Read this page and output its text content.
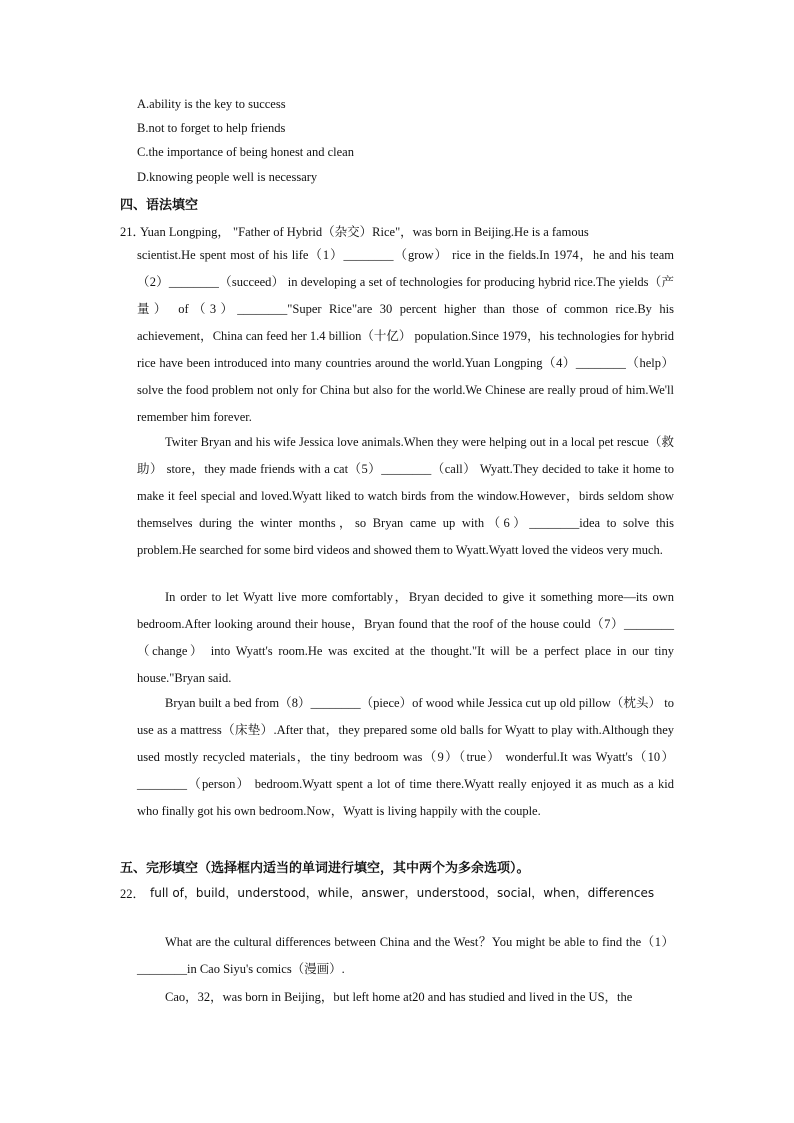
A.ability is the key to success
B.not to forget to help friends
C.the importance of being honest and clean
D.knowing people well is necessary
四、语法填空
21．
Yuan Longping， "Father of Hybrid（杂交）Rice"，was born in Beijing.He is a famous

scientist.He spent most of his life（1）________（grow） rice in the fields.In 1974，he and his team（2）________（succeed） in developing a set of technologies for producing hybrid rice.The yields（产量） of（3）________"Super Rice"are 30 percent higher than those of common rice.By his achievement，China can feed her 1.4 billion（十亿） population.Since 1979，his technologies for hybrid rice have been introduced into many countries around the world.Yuan Longping（4）________（help） solve the food problem not only for China but also for the world.We Chinese are really proud of him.We'll remember him forever.

Twiter Bryan and his wife Jessica love animals.When they were helping out in a local pet rescue（救助） store，they made friends with a cat（5）________（call） Wyatt.They decided to take it home to make it feel special and loved.Wyatt liked to watch birds from the window.However，birds seldom show themselves during the winter months，so Bryan came up with（6）________idea to solve this problem.He searched for some bird videos and showed them to Wyatt.Wyatt loved the videos very much.

In order to let Wyatt live more comfortably，Bryan decided to give it something more—its own bedroom.After looking around their house，Bryan found that the roof of the house could（7）________（change） into Wyatt's room.He was excited at the thought."It will be a perfect place in our tiny house."Bryan said.

Bryan built a bed from（8）________（piece）of wood while Jessica cut up old pillow（枕头） to use as a mattress（床垫）.After that，they prepared some old balls for Wyatt to play with.Although they used mostly recycled materials，the tiny bedroom was（9）（true） wonderful.It was Wyatt's（10）________（person） bedroom.Wyatt spent a lot of time there.Wyatt really enjoyed it as much as a kid who finally got his own bedroom.Now，Wyatt is living happily with the couple.

五、完形填空（选择框内适当的单词进行填空，其中两个为多余选项）。
22． full of，build，understood，while，answer，understood，social，when，differences

What are the cultural differences between China and the West？You might be able to find the（1）________in Cao Siyu's comics（漫画）.

Cao，32，was born in Beijing，but left home at20 and has studied and lived in the US，the
